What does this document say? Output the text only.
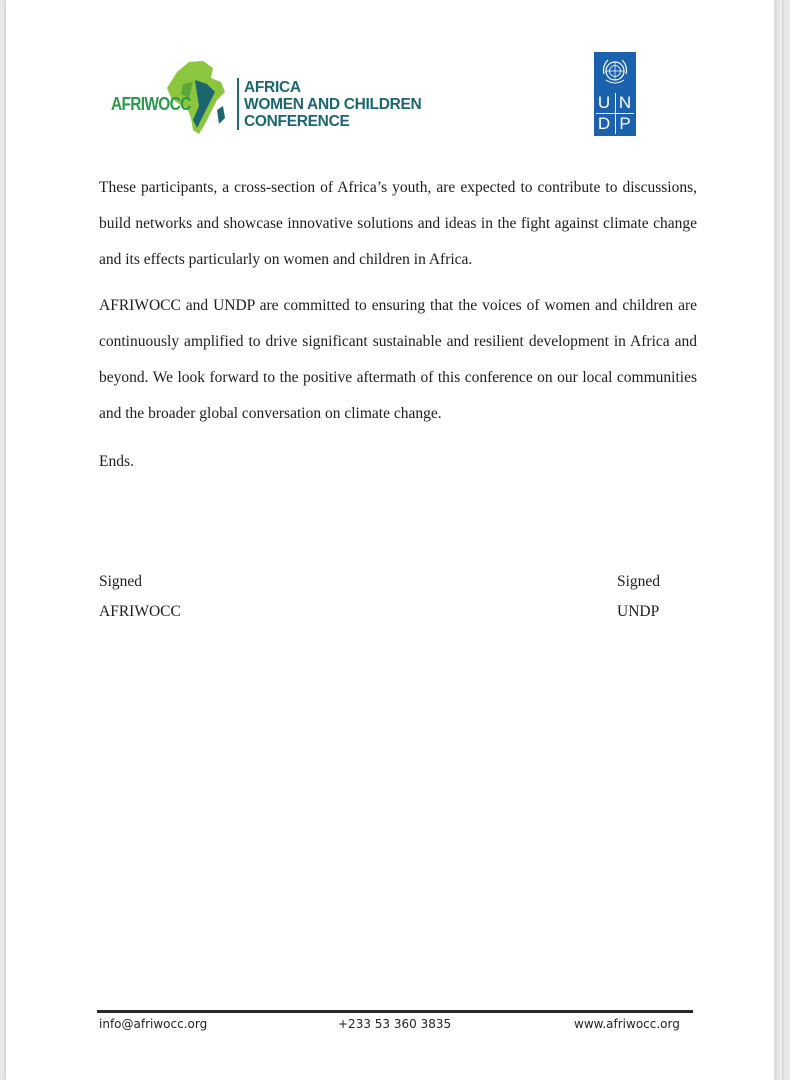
AFRIWOCC
AFRICA
WOMEN AND CHILDREN
CONFERENCE
U N
D P

These participants, a cross-section of Africa’s youth, are expected to contribute to discussions, build networks and showcase innovative solutions and ideas in the fight against climate change and its effects particularly on women and children in Africa.

AFRIWOCC and UNDP are committed to ensuring that the voices of women and children are continuously amplified to drive significant sustainable and resilient development in Africa and beyond. We look forward to the positive aftermath of this conference on our local communities and the broader global conversation on climate change.

Ends.

Signed
AFRIWOCC
Signed
UNDP
info@afriwocc.org	+233 53 360 3835	www.afriwocc.org
